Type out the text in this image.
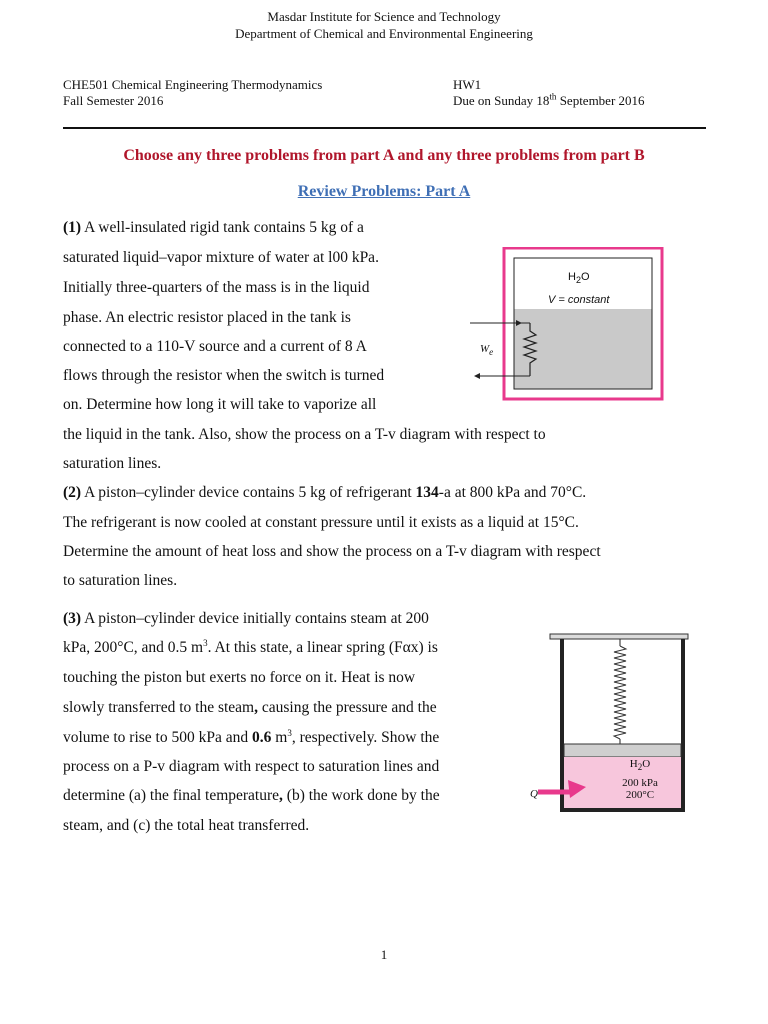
Masdar Institute for Science and Technology
Department of Chemical and Environmental Engineering
CHE501 Chemical Engineering Thermodynamics
Fall Semester 2016
HW1
Due on Sunday 18th September 2016
Choose any three problems from part A and any three problems from part B
Review Problems: Part A
(1) A well-insulated rigid tank contains 5 kg of a
saturated liquid–vapor mixture of water at l00 kPa.
Initially three-quarters of the mass is in the liquid
phase. An electric resistor placed in the tank is
connected to a 110-V source and a current of 8 A
flows through the resistor when the switch is turned
on. Determine how long it will take to vaporize all
the liquid in the tank. Also, show the process on a T-v diagram with respect to
saturation lines.
$H_2O$
V = constant
$W_e$
(2) A piston–cylinder device contains 5 kg of refrigerant 134-a at 800 kPa and 70°C.
The refrigerant is now cooled at constant pressure until it exists as a liquid at 15°C.
Determine the amount of heat loss and show the process on a T-v diagram with respect
to saturation lines.
(3) A piston–cylinder device initially contains steam at 200
kPa, 200°C, and 0.5 $m^3$. At this state, a linear spring (Fαx) is
touching the piston but exerts no force on it. Heat is now
slowly transferred to the steam, causing the pressure and the
volume to rise to 500 kPa and 0.6 $m^3$, respectively. Show the
process on a P-v diagram with respect to saturation lines and
determine (a) the final temperature, (b) the work done by the
steam, and (c) the total heat transferred.
$H_2O$
200 kPa
200°C
Q
1
